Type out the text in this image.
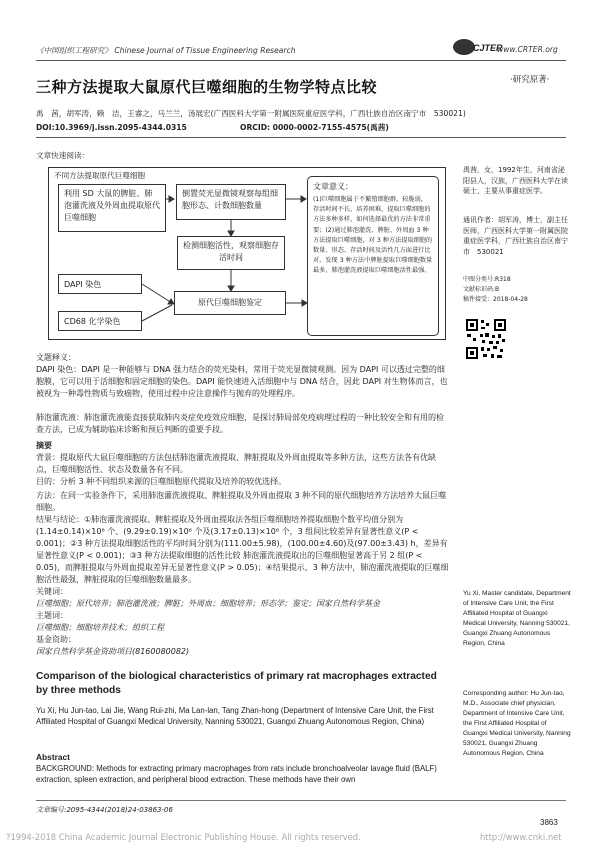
《中国组织工程研究》 Chinese Journal of Tissue Engineering Research	CJTER
www.CRTER.org
三种方法提取大鼠原代巨噬细胞的生物学特点比较	·研究原著·
禹　茜，胡军涛，赖　洁，王睿之，马兰兰，汤展宏(广西医科大学第一附属医院重症医学科，广西壮族自治区南宁市　530021)
DOI:10.3969/j.issn.2095-4344.0315	ORCID: 0000-0002-7155-4575(禹茜)
文章快速阅读：
不同方法提取原代巨噬细胞
利用 SD 大鼠的脾脏、肺泡灌洗液及外周血提取原代巨噬细胞
倒置荧光显微镜观察每组细胞形态、计数细胞数量
检测细胞活性，观察细胞存活时间
原代巨噬细胞鉴定
DAPI 染色
CD68 化学染色
文章意义：
(1)巨噬细胞属于不繁殖细胞群，较脆弱，存活时间不长，培养困难，提取巨噬细胞的方法多种多样，如何选择最优的方法非常重要；(2)通过肺泡灌洗、脾脏、外周血 3 种方法提取巨噬细胞，对 3 种方法提取细胞的数量、形态、存活时间及活性几方面进行比对，发现 3 种方法中脾脏提取巨噬细胞数量最多，肺泡灌洗液提取巨噬细胞活性最强。
禹茜，女，1992年生，河南省泌阳县人，汉族，广西医科大学在读硕士，主要从事重症医学。
通讯作者：胡军涛，博士，副主任医师，广西医科大学第一附属医院重症医学科，广西壮族自治区南宁市　530021
中图分类号:R318
文献标识码:B
稿件接受：2018-04-28
文题释义：
DAPI 染色：DAPI 是一种能够与 DNA 强力结合的荧光染料，常用于荧光显微镜观测。因为 DAPI 可以透过完整的细胞膜，它可以用于活细胞和固定细胞的染色。DAPI 能快速进入活细胞中与 DNA 结合，因此 DAPI 对生物体而言，也被视为一种毒性物质与致癌物，使用过程中应注意操作与抛弃的处理程序。
肺泡灌洗液：肺泡灌洗液能直接获取肺内炎症免疫效应细胞，是探讨肺局部免疫病理过程的一种比较安全和有用的检查方法，已成为辅助临床诊断和预后判断的重要手段。
摘要
背景：提取原代大鼠巨噬细胞的方法包括肺泡灌洗液提取、脾脏提取及外周血提取等多种方法，这些方法各有优缺点，巨噬细胞活性、状态及数量各有不同。
目的：分析 3 种不同组织来源的巨噬细胞原代提取及培养的较优选择。
方法：在同一实验条件下，采用肺泡灌洗液提取、脾脏提取及外周血提取 3 种不同的原代细胞培养方法培养大鼠巨噬细胞。
结果与结论：①肺泡灌洗液提取、脾脏提取及外周血提取法各组巨噬细胞培养提取细胞个数平均值分别为(1.14±0.14)×10⁶ 个、(9.29±0.19)×10⁶ 个及(3.17±0.13)×10⁶ 个，3 组间比较差异有显著性意义(P < 0.001)；②3 种方法提取细胞活性的平均时间分别为(111.00±5.98)，(100.00±4.60)及(97.00±3.43) h，差异有显著性意义(P < 0.001)；③3 种方法提取细胞的活性比较 肺泡灌洗液提取出的巨噬细胞显著高于另 2 组(P < 0.05)，而脾脏提取与外周血提取差异无显著性意义(P > 0.05)；④结果提示，3 种方法中，肺泡灌洗液提取的巨噬细胞活性最强，脾脏提取的巨噬细胞数量最多。
关键词：
巨噬细胞；原代培养；肺泡灌洗液；脾脏；外周血；细胞培养；形态学；鉴定；国家自然科学基金
主题词：
巨噬细胞；细胞培养技术；组织工程
基金资助：
国家自然科学基金资助项目(8160080082)
Yu Xi, Master candidate, Department of Intensive Care Unit, the First Affiliated Hospital of Guangxi Medical University, Nanning 530021, Guangxi Zhuang Autonomous Region, China
Corresponding author: Hu Jun-tao, M.D., Associate chief physician, Department of Intensive Care Unit, the First Affiliated Hospital of Guangxi Medical University, Nanning 530021, Guangxi Zhuang Autonomous Region, China
Comparison of the biological characteristics of primary rat macrophages extracted by three methods
Yu Xi, Hu Jun-tao, Lai Jie, Wang Rui-zhi, Ma Lan-lan, Tang Zhan-hong (Department of Intensive Care Unit, the First Affiliated Hospital of Guangxi Medical University, Nanning 530021, Guangxi Zhuang Autonomous Region, China)
Abstract
BACKGROUND: Methods for extracting primary macrophages from rats include bronchoalveolar lavage fluid (BALF) extraction, spleen extraction, and peripheral blood extraction. These methods have their own
文章编号:2095-4344(2018)24-03863-06
3863
?1994-2018 China Academic Journal Electronic Publishing House. All rights reserved.	http://www.cnki.net
